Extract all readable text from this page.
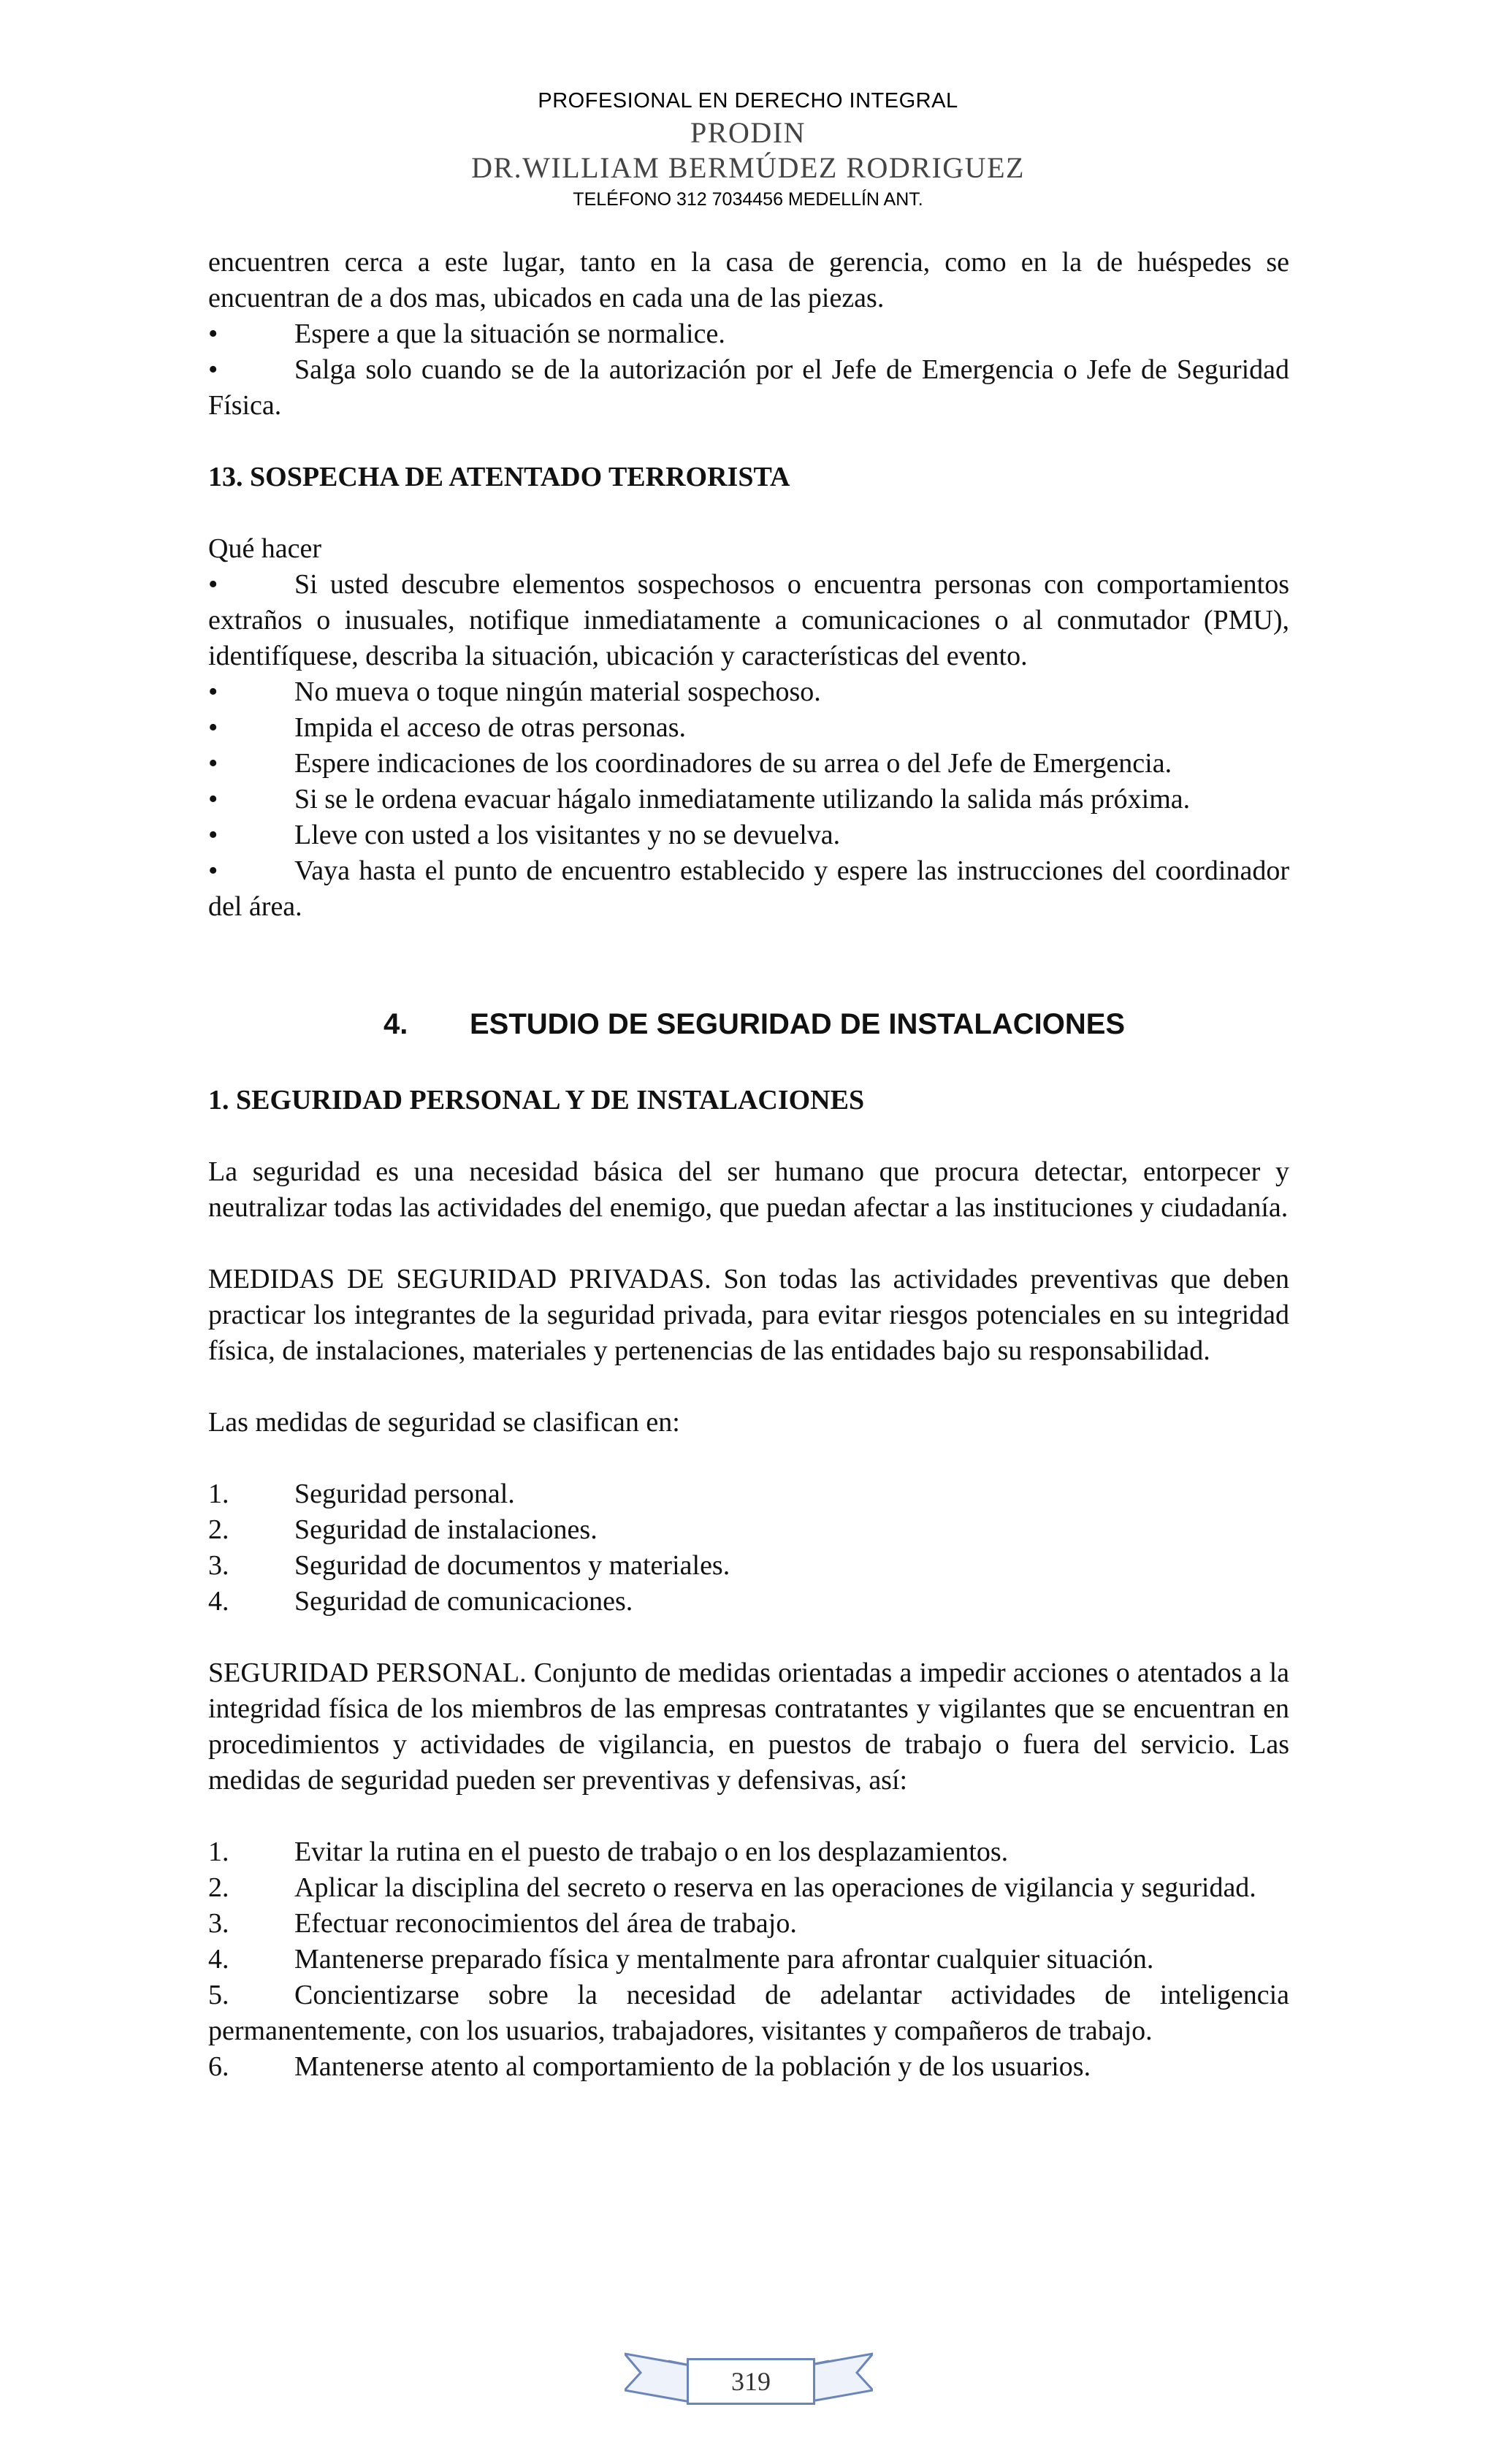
PROFESIONAL EN DERECHO INTEGRAL
PRODIN
DR.WILLIAM BERMÚDEZ RODRIGUEZ
TELÉFONO 312 7034456 MEDELLÍN ANT.

encuentren cerca a este lugar, tanto en la casa de gerencia, como en la de huéspedes se encuentran de a dos mas, ubicados en cada una de las piezas.

•	Espere a que la situación se normalice.
•	Salga solo cuando se de la autorización por el Jefe de Emergencia o Jefe de Seguridad Física.

13. SOSPECHA DE ATENTADO TERRORISTA

Qué hacer

•	Si usted descubre elementos sospechosos o encuentra personas con comportamientos extraños o inusuales, notifique inmediatamente a comunicaciones o al conmutador (PMU), identifíquese, describa la situación, ubicación y características del evento.
•	No mueva o toque ningún material sospechoso.
•	Impida el acceso de otras personas.
•	Espere indicaciones de los coordinadores de su arrea o del Jefe de Emergencia.
•	Si se le ordena evacuar hágalo inmediatamente utilizando la salida más próxima.
•	Lleve con usted a los visitantes y no se devuelva.
•	Vaya hasta el punto de encuentro establecido y espere las instrucciones del coordinador del área.

4. ESTUDIO DE SEGURIDAD DE INSTALACIONES

1. SEGURIDAD PERSONAL Y DE INSTALACIONES

La seguridad es una necesidad básica del ser humano que procura detectar, entorpecer y neutralizar todas las actividades del enemigo, que puedan afectar a las instituciones y ciudadanía.

MEDIDAS DE SEGURIDAD PRIVADAS. Son todas las actividades preventivas que deben practicar los integrantes de la seguridad privada, para evitar riesgos potenciales en su integridad física, de instalaciones, materiales y pertenencias de las entidades bajo su responsabilidad.

Las medidas de seguridad se clasifican en:

1. Seguridad personal.
2. Seguridad de instalaciones.
3. Seguridad de documentos y materiales.
4. Seguridad de comunicaciones.

SEGURIDAD PERSONAL. Conjunto de medidas orientadas a impedir acciones o atentados a la integridad física de los miembros de las empresas contratantes y vigilantes que se encuentran en procedimientos y actividades de vigilancia, en puestos de trabajo o fuera del servicio. Las medidas de seguridad pueden ser preventivas y defensivas, así:

1. Evitar la rutina en el puesto de trabajo o en los desplazamientos.
2. Aplicar la disciplina del secreto o reserva en las operaciones de vigilancia y seguridad.
3. Efectuar reconocimientos del área de trabajo.
4. Mantenerse preparado física y mentalmente para afrontar cualquier situación.
5. Concientizarse sobre la necesidad de adelantar actividades de inteligencia permanentemente, con los usuarios, trabajadores, visitantes y compañeros de trabajo.
6. Mantenerse atento al comportamiento de la población y de los usuarios.
319
